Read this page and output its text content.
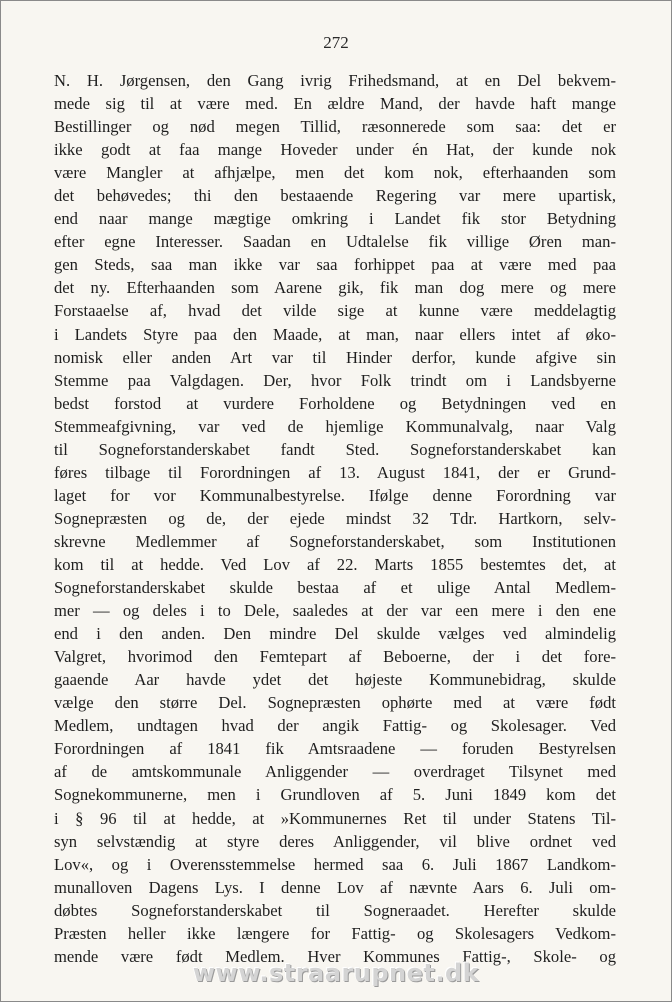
272
N. H. Jørgensen, den Gang ivrig Frihedsmand, at en Del bekvem-
mede sig til at være med. En ældre Mand, der havde haft mange
Bestillinger og nød megen Tillid, ræsonnerede som saa: det er
ikke godt at faa mange Hoveder under én Hat, der kunde nok
være Mangler at afhjælpe, men det kom nok, efterhaanden som
det behøvedes; thi den bestaaende Regering var mere upartisk,
end naar mange mægtige omkring i Landet fik stor Betydning
efter egne Interesser. Saadan en Udtalelse fik villige Øren man-
gen Steds, saa man ikke var saa forhippet paa at være med paa
det ny. Efterhaanden som Aarene gik, fik man dog mere og mere
Forstaaelse af, hvad det vilde sige at kunne være meddelagtig
i Landets Styre paa den Maade, at man, naar ellers intet af øko-
nomisk eller anden Art var til Hinder derfor, kunde afgive sin
Stemme paa Valgdagen. Der, hvor Folk trindt om i Landsbyerne
bedst forstod at vurdere Forholdene og Betydningen ved en
Stemmeafgivning, var ved de hjemlige Kommunalvalg, naar Valg
til Sogneforstanderskabet fandt Sted. Sogneforstanderskabet kan
føres tilbage til Forordningen af 13. August 1841, der er Grund-
laget for vor Kommunalbestyrelse. Ifølge denne Forordning var
Sognepræsten og de, der ejede mindst 32 Tdr. Hartkorn, selv-
skrevne Medlemmer af Sogneforstanderskabet, som Institutionen
kom til at hedde. Ved Lov af 22. Marts 1855 bestemtes det, at
Sogneforstanderskabet skulde bestaa af et ulige Antal Medlem-
mer — og deles i to Dele, saaledes at der var een mere i den ene
end i den anden. Den mindre Del skulde vælges ved almindelig
Valgret, hvorimod den Femtepart af Beboerne, der i det fore-
gaaende Aar havde ydet det højeste Kommunebidrag, skulde
vælge den større Del. Sognepræsten ophørte med at være født
Medlem, undtagen hvad der angik Fattig- og Skolesager. Ved
Forordningen af 1841 fik Amtsraadene — foruden Bestyrelsen
af de amtskommunale Anliggender — overdraget Tilsynet med
Sognekommunerne, men i Grundloven af 5. Juni 1849 kom det
i § 96 til at hedde, at »Kommunernes Ret til under Statens Til-
syn selvstændig at styre deres Anliggender, vil blive ordnet ved
Lov«, og i Overensstemmelse hermed saa 6. Juli 1867 Landkom-
munalloven Dagens Lys. I denne Lov af nævnte Aars 6. Juli om-
døbtes Sogneforstanderskabet til Sogneraadet. Herefter skulde
Præsten heller ikke længere for Fattig- og Skolesagers Vedkom-
mende være født Medlem. Hver Kommunes Fattig-, Skole- og
www.straarupnet.dk
